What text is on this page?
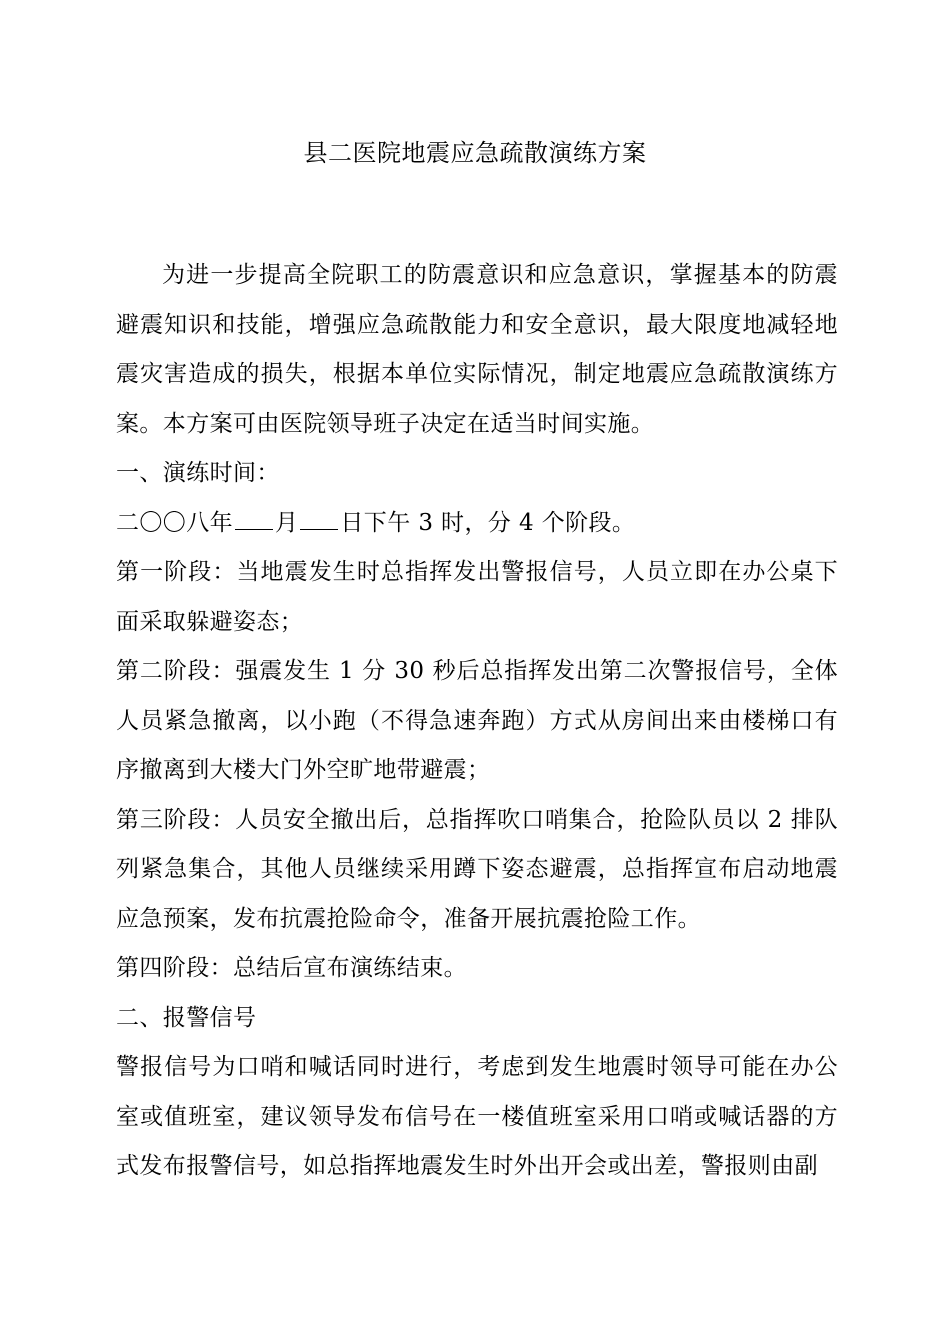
县二医院地震应急疏散演练方案

为进一步提高全院职工的防震意识和应急意识，掌握基本的防震避震知识和技能，增强应急疏散能力和安全意识，最大限度地减轻地震灾害造成的损失，根据本单位实际情况，制定地震应急疏散演练方案。本方案可由医院领导班子决定在适当时间实施。

一、演练时间：

二〇〇八年 月 日下午 3 时，分 4 个阶段。

第一阶段：当地震发生时总指挥发出警报信号，人员立即在办公桌下面采取躲避姿态；

第二阶段：强震发生 1 分 30 秒后总指挥发出第二次警报信号，全体人员紧急撤离，以小跑（不得急速奔跑）方式从房间出来由楼梯口有序撤离到大楼大门外空旷地带避震；

第三阶段：人员安全撤出后，总指挥吹口哨集合，抢险队员以 2 排队列紧急集合，其他人员继续采用蹲下姿态避震，总指挥宣布启动地震应急预案，发布抗震抢险命令，准备开展抗震抢险工作。

第四阶段：总结后宣布演练结束。

二、报警信号

警报信号为口哨和喊话同时进行，考虑到发生地震时领导可能在办公室或值班室，建议领导发布信号在一楼值班室采用口哨或喊话器的方式发布报警信号，如总指挥地震发生时外出开会或出差，警报则由副
